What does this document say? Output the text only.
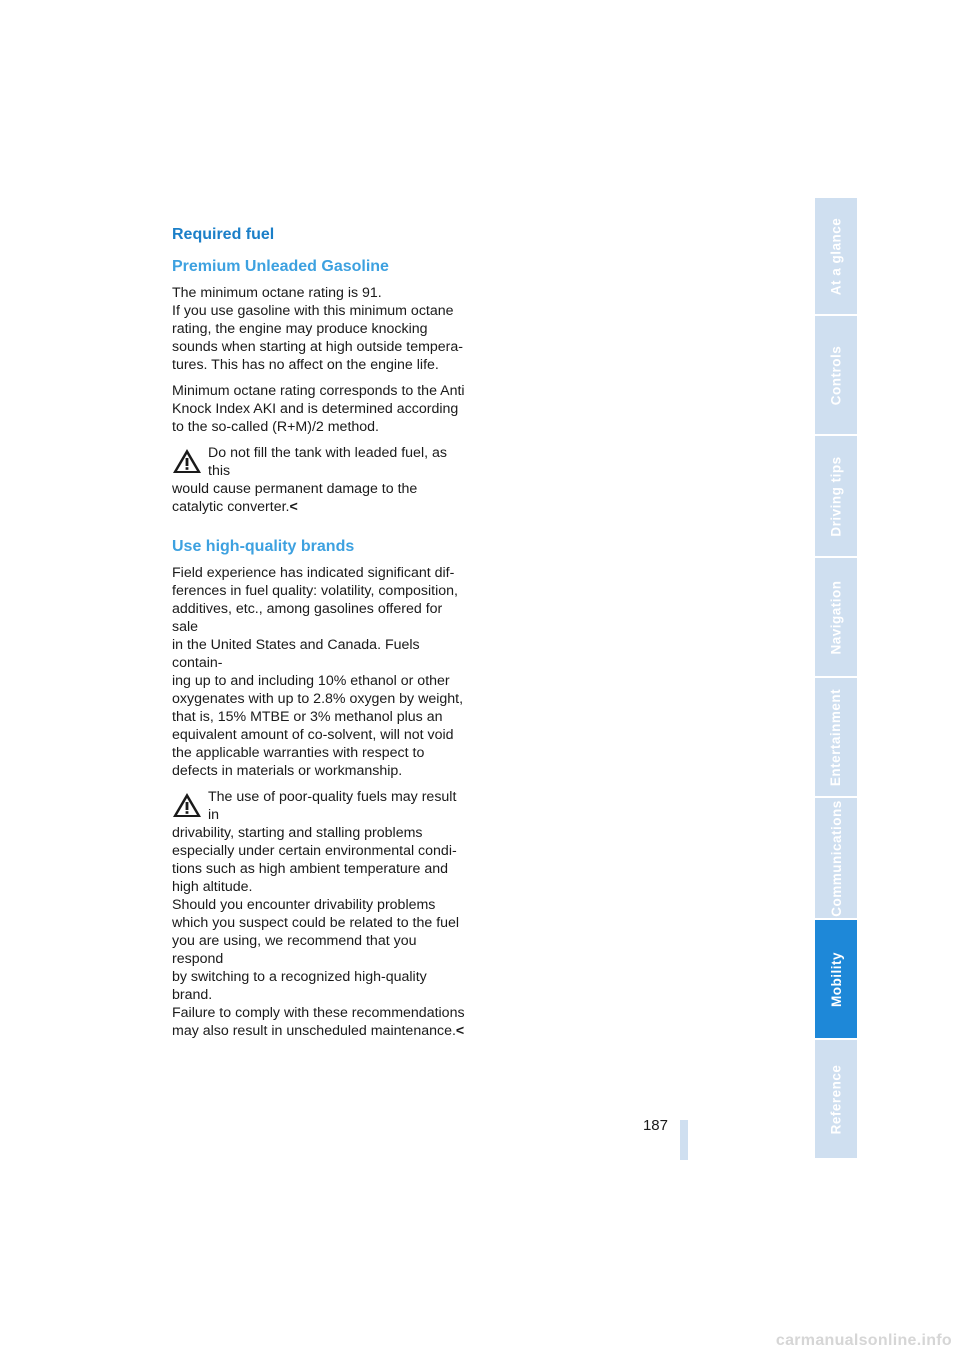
Required fuel
Premium Unleaded Gasoline

The minimum octane rating is 91.
If you use gasoline with this minimum octane
rating, the engine may produce knocking
sounds when starting at high outside tempera-
tures. This has no affect on the engine life.

Minimum octane rating corresponds to the Anti
Knock Index AKI and is determined according
to the so-called (R+M)/2 method.

Do not fill the tank with leaded fuel, as this
would cause permanent damage to the
catalytic converter.<
Use high-quality brands

Field experience has indicated significant dif-
ferences in fuel quality: volatility, composition,
additives, etc., among gasolines offered for sale
in the United States and Canada. Fuels contain-
ing up to and including 10% ethanol or other
oxygenates with up to 2.8% oxygen by weight,
that is, 15% MTBE or 3% methanol plus an
equivalent amount of co-solvent, will not void
the applicable warranties with respect to
defects in materials or workmanship.

The use of poor-quality fuels may result in
drivability, starting and stalling problems
especially under certain environmental condi-
tions such as high ambient temperature and
high altitude.
Should you encounter drivability problems
which you suspect could be related to the fuel
you are using, we recommend that you respond
by switching to a recognized high-quality
brand.
Failure to comply with these recommendations
may also result in unscheduled maintenance.<
At a glance
Controls
Driving tips
Navigation
Entertainment
Communications
Mobility
Reference
187
carmanualsonline.info
